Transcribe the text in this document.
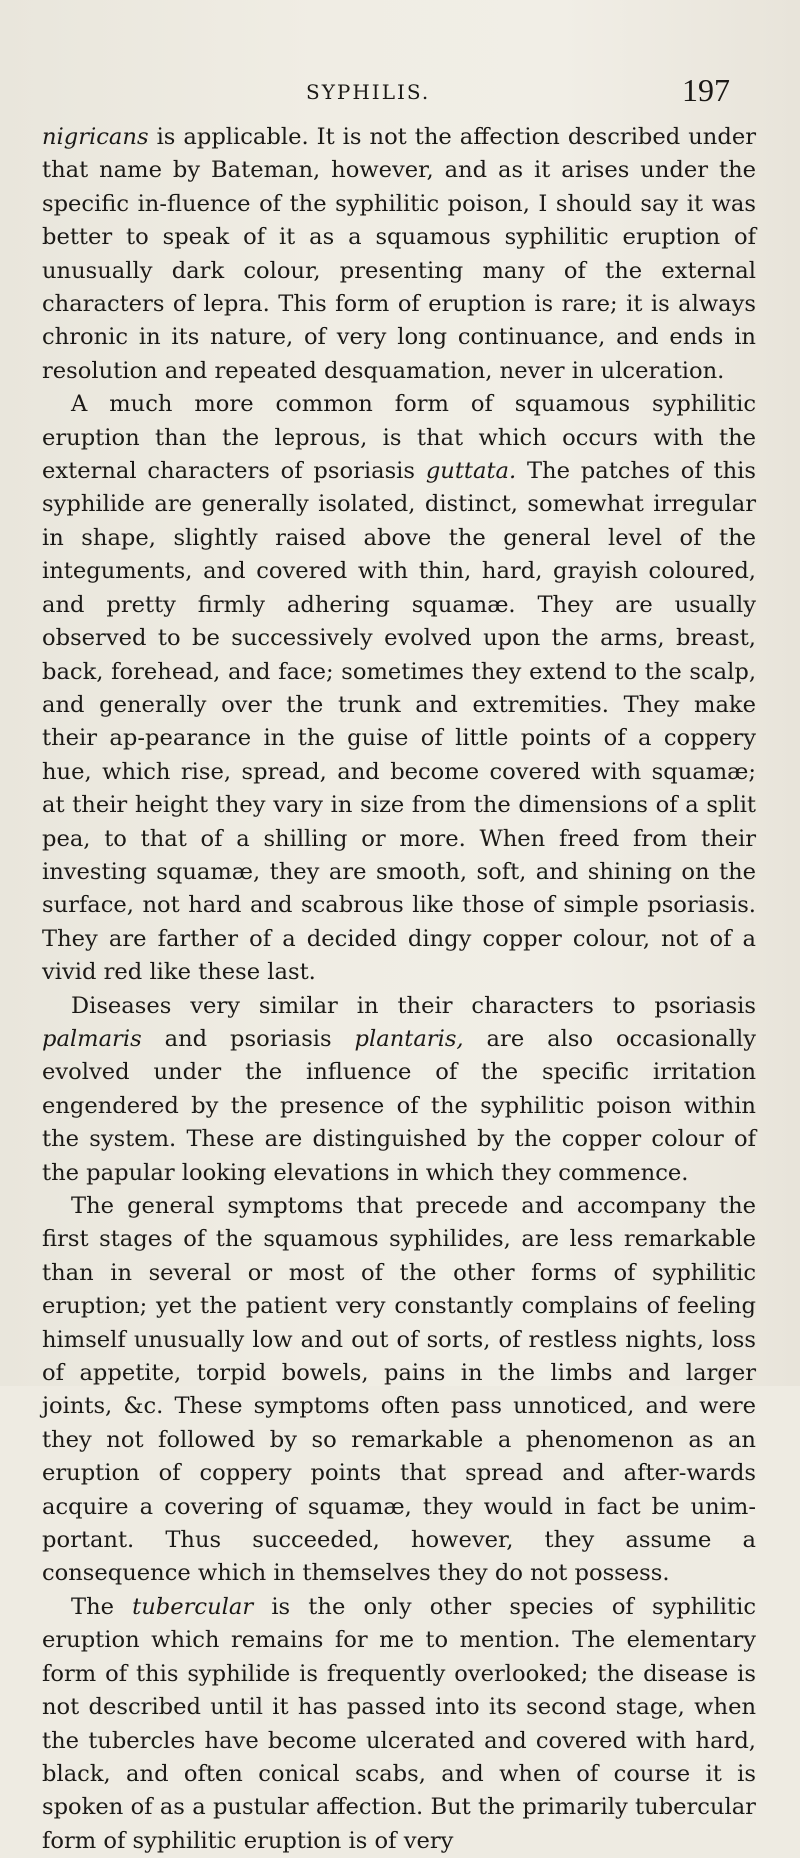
SYPHILIS.	197

nigricans is applicable. It is not the affection described under that name by Bateman, however, and as it arises under the specific in-fluence of the syphilitic poison, I should say it was better to speak of it as a squamous syphilitic eruption of unusually dark colour, presenting many of the external characters of lepra. This form of eruption is rare; it is always chronic in its nature, of very long continuance, and ends in resolution and repeated desquamation, never in ulceration.

A much more common form of squamous syphilitic eruption than the leprous, is that which occurs with the external characters of psoriasis guttata. The patches of this syphilide are generally isolated, distinct, somewhat irregular in shape, slightly raised above the general level of the integuments, and covered with thin, hard, grayish coloured, and pretty firmly adhering squamæ. They are usually observed to be successively evolved upon the arms, breast, back, forehead, and face; sometimes they extend to the scalp, and generally over the trunk and extremities. They make their ap-pearance in the guise of little points of a coppery hue, which rise, spread, and become covered with squamæ; at their height they vary in size from the dimensions of a split pea, to that of a shilling or more. When freed from their investing squamæ, they are smooth, soft, and shining on the surface, not hard and scabrous like those of simple psoriasis. They are farther of a decided dingy copper colour, not of a vivid red like these last.

Diseases very similar in their characters to psoriasis palmaris and psoriasis plantaris, are also occasionally evolved under the influence of the specific irritation engendered by the presence of the syphilitic poison within the system. These are distinguished by the copper colour of the papular looking elevations in which they commence.

The general symptoms that precede and accompany the first stages of the squamous syphilides, are less remarkable than in several or most of the other forms of syphilitic eruption; yet the patient very constantly complains of feeling himself unusually low and out of sorts, of restless nights, loss of appetite, torpid bowels, pains in the limbs and larger joints, &c. These symptoms often pass unnoticed, and were they not followed by so remarkable a phenomenon as an eruption of coppery points that spread and after-wards acquire a covering of squamæ, they would in fact be unim-portant. Thus succeeded, however, they assume a consequence which in themselves they do not possess.

The tubercular is the only other species of syphilitic eruption which remains for me to mention. The elementary form of this syphilide is frequently overlooked; the disease is not described until it has passed into its second stage, when the tubercles have become ulcerated and covered with hard, black, and often conical scabs, and when of course it is spoken of as a pustular affection. But the primarily tubercular form of syphilitic eruption is of very
